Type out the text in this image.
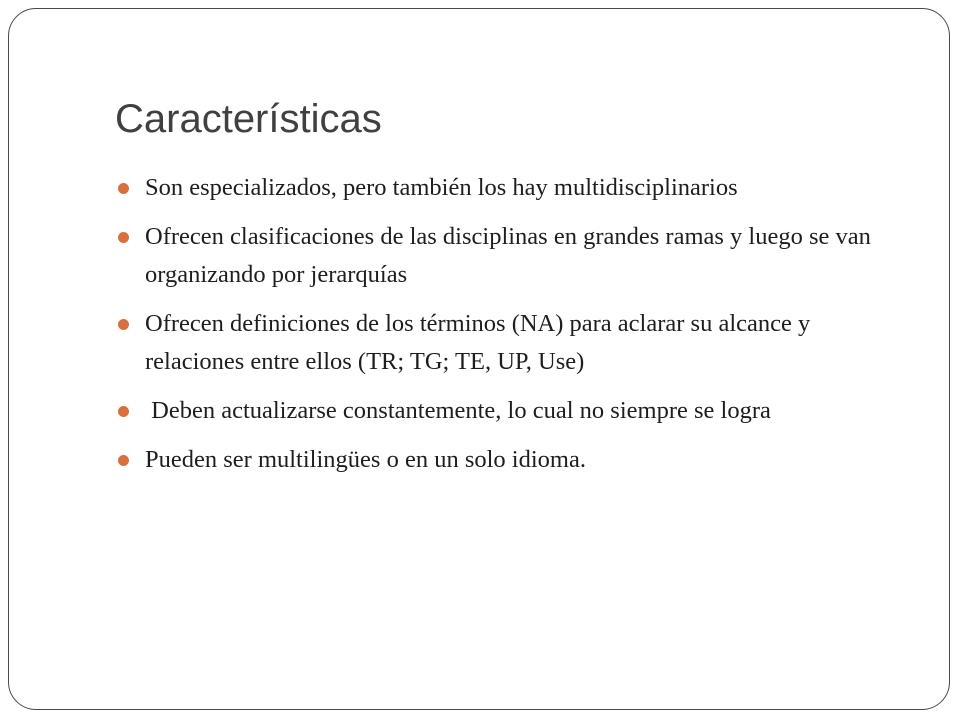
Características
Son especializados, pero también los hay multidisciplinarios
Ofrecen clasificaciones de las disciplinas en grandes ramas y luego se van organizando por jerarquías
Ofrecen definiciones de los términos (NA) para aclarar su alcance y relaciones entre ellos (TR; TG; TE, UP, Use)
Deben actualizarse constantemente, lo cual no siempre se logra
Pueden ser multilingües o en un solo idioma.
